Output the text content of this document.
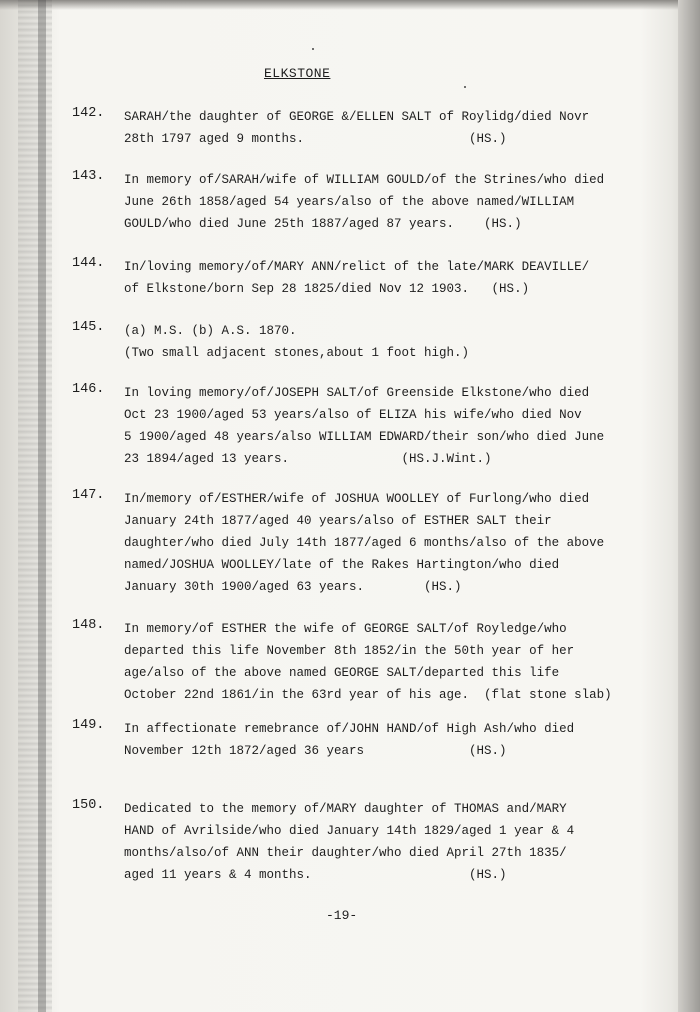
ELKSTONE
142.	SARAH/the daughter of GEORGE &/ELLEN SALT of Roylidg/died Novr
28th 1797 aged 9 months.                      (HS.)
143.	In memory of/SARAH/wife of WILLIAM GOULD/of the Strines/who died
June 26th 1858/aged 54 years/also of the above named/WILLIAM
GOULD/who died June 25th 1887/aged 87 years.    (HS.)
144.	In/loving memory/of/MARY ANN/relict of the late/MARK DEAVILLE/
of Elkstone/born Sep 28 1825/died Nov 12 1903.   (HS.)
145.	(a) M.S. (b) A.S. 1870.
(Two small adjacent stones,about 1 foot high.)
146.	In loving memory/of/JOSEPH SALT/of Greenside Elkstone/who died
Oct 23 1900/aged 53 years/also of ELIZA his wife/who died Nov
5 1900/aged 48 years/also WILLIAM EDWARD/their son/who died June
23 1894/aged 13 years.               (HS.J.Wint.)
147.	In/memory of/ESTHER/wife of JOSHUA WOOLLEY of Furlong/who died
January 24th 1877/aged 40 years/also of ESTHER SALT their
daughter/who died July 14th 1877/aged 6 months/also of the above
named/JOSHUA WOOLLEY/late of the Rakes Hartington/who died
January 30th 1900/aged 63 years.        (HS.)
148.	In memory/of ESTHER the wife of GEORGE SALT/of Royledge/who
departed this life November 8th 1852/in the 50th year of her
age/also of the above named GEORGE SALT/departed this life
October 22nd 1861/in the 63rd year of his age.  (flat stone slab)
149.	In affectionate remebrance of/JOHN HAND/of High Ash/who died
November 12th 1872/aged 36 years              (HS.)
150.	Dedicated to the memory of/MARY daughter of THOMAS and/MARY
HAND of Avrilside/who died January 14th 1829/aged 1 year & 4
months/also/of ANN their daughter/who died April 27th 1835/
aged 11 years & 4 months.                     (HS.)
-19-
